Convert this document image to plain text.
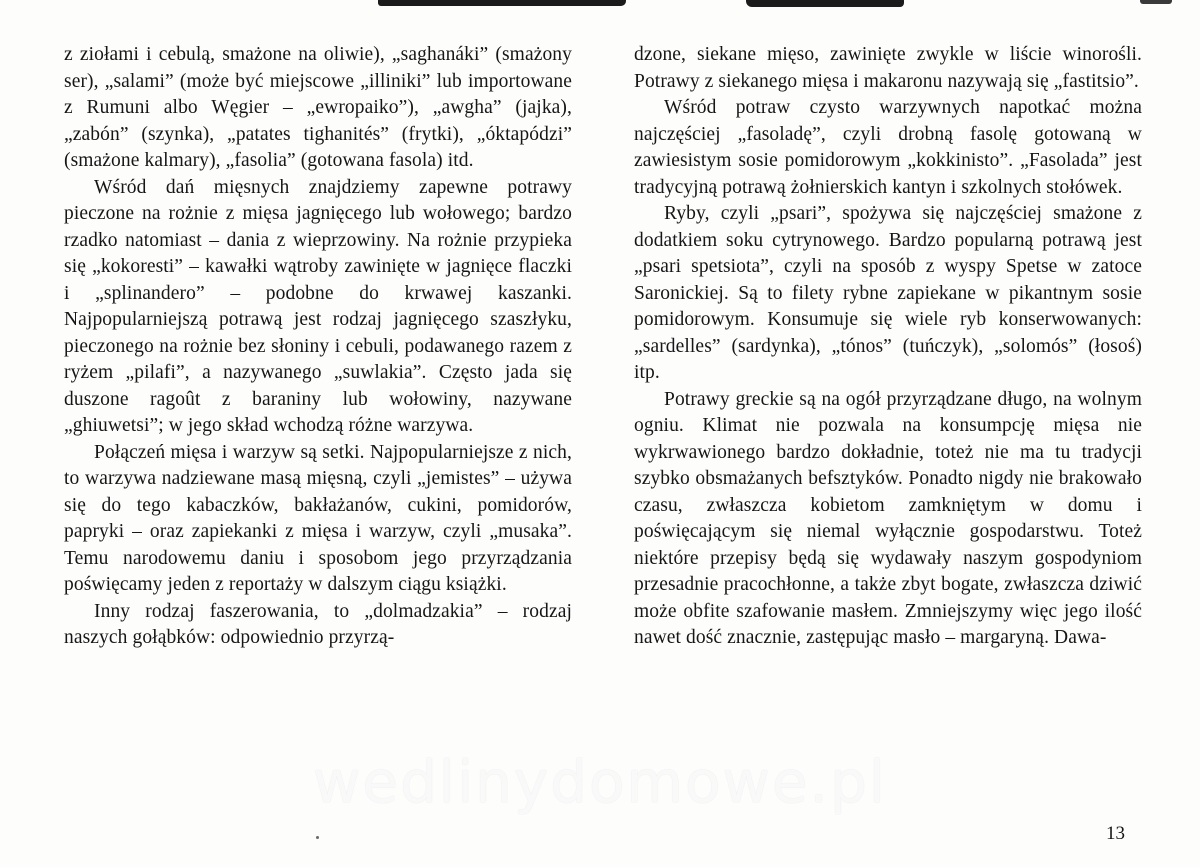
z ziołami i cebulą, smażone na oliwie), „saghanáki” (smażony ser), „salami” (może być miejscowe „illiniki” lub importowane z Rumuni albo Węgier – „ewropaiko”), „awgha” (jajka), „zabón” (szynka), „patates tighanités” (frytki), „óktapódzi” (smażone kalmary), „fasolia” (gotowana fasola) itd.

Wśród dań mięsnych znajdziemy zapewne potrawy pieczone na rożnie z mięsa jagnięcego lub wołowego; bardzo rzadko natomiast – dania z wieprzowiny. Na rożnie przypieka się „kokoresti” – kawałki wątroby zawinięte w jagnięce flaczki i „splinandero” – podobne do krwawej kaszanki. Najpopularniejszą potrawą jest rodzaj jagnięcego szaszłyku, pieczonego na rożnie bez słoniny i cebuli, podawanego razem z ryżem „pilafi”, a nazywanego „suwlakia”. Często jada się duszone ragoût z baraniny lub wołowiny, nazywane „ghiuwetsi”; w jego skład wchodzą różne warzywa.

Połączeń mięsa i warzyw są setki. Najpopularniejsze z nich, to warzywa nadziewane masą mięsną, czyli „jemistes” – używa się do tego kabaczków, bakłażanów, cukini, pomidorów, papryki – oraz zapiekanki z mięsa i warzyw, czyli „musaka”. Temu narodowemu daniu i sposobom jego przyrządzania poświęcamy jeden z reportaży w dalszym ciągu książki.

Inny rodzaj faszerowania, to „dolmadzakia” – rodzaj naszych gołąbków: odpowiednio przyrzą-

dzone, siekane mięso, zawinięte zwykle w liście winorośli. Potrawy z siekanego mięsa i makaronu nazywają się „fastitsio”.

Wśród potraw czysto warzywnych napotkać można najczęściej „fasoladę”, czyli drobną fasolę gotowaną w zawiesistym sosie pomidorowym „kokkinisto”. „Fasolada” jest tradycyjną potrawą żołnierskich kantyn i szkolnych stołówek.

Ryby, czyli „psari”, spożywa się najczęściej smażone z dodatkiem soku cytrynowego. Bardzo popularną potrawą jest „psari spetsiota”, czyli na sposób z wyspy Spetse w zatoce Saronickiej. Są to filety rybne zapiekane w pikantnym sosie pomidorowym. Konsumuje się wiele ryb konserwowanych: „sardelles” (sardynka), „tónos” (tuńczyk), „solomós” (łosoś) itp.

Potrawy greckie są na ogół przyrządzane długo, na wolnym ogniu. Klimat nie pozwala na konsumpcję mięsa nie wykrwawionego bardzo dokładnie, toteż nie ma tu tradycji szybko obsmażanych befsztyków. Ponadto nigdy nie brakowało czasu, zwłaszcza kobietom zamkniętym w domu i poświęcającym się niemal wyłącznie gospodarstwu. Toteż niektóre przepisy będą się wydawały naszym gospodyniom przesadnie pracochłonne, a także zbyt bogate, zwłaszcza dziwić może obfite szafowanie masłem. Zmniejszymy więc jego ilość nawet dość znacznie, zastępując masło – margaryną. Dawa-

wedlinydomowe.pl
13
